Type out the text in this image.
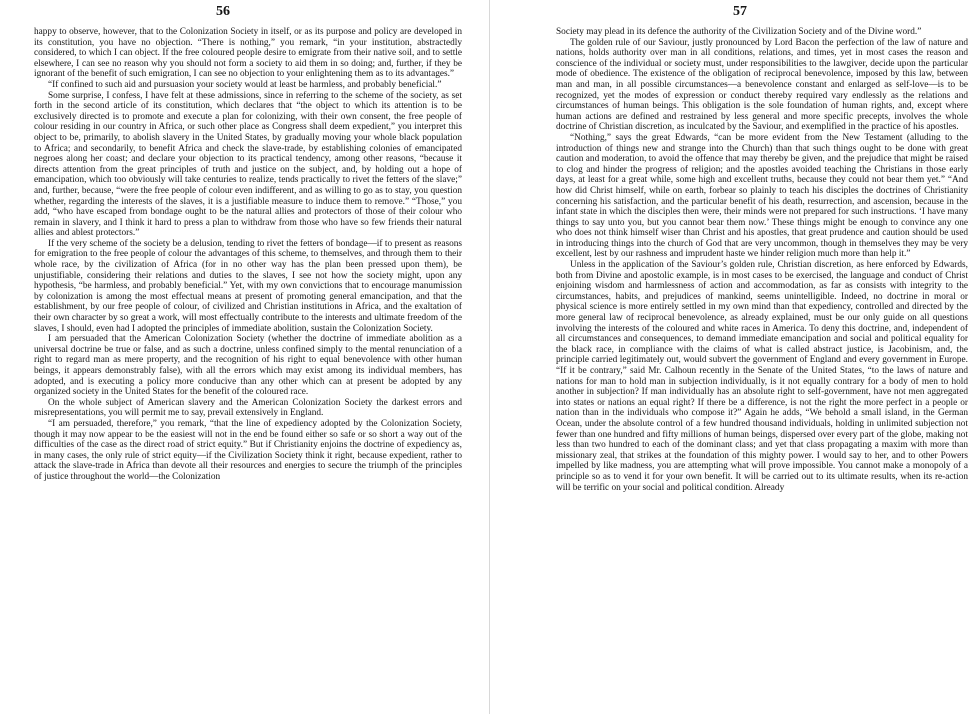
56

happy to observe, however, that to the Colonization Society in itself, or as its purpose and policy are developed in its constitution, you have no objection. “There is nothing,” you remark, “in your institution, abstractedly considered, to which I can object. If the free coloured people desire to emigrate from their native soil, and to settle elsewhere, I can see no reason why you should not form a society to aid them in so doing; and, further, if they be ignorant of the benefit of such emigration, I can see no objection to your enlightening them as to its advantages.”

“If confined to such aid and pursuasion your society would at least be harmless, and probably beneficial.”

Some surprise, I confess, I have felt at these admissions, since in referring to the scheme of the society, as set forth in the second article of its constitution, which declares that “the object to which its attention is to be exclusively directed is to promote and execute a plan for colonizing, with their own consent, the free people of colour residing in our country in Africa, or such other place as Congress shall deem expedient,” you interpret this object to be, primarily, to abolish slavery in the United States, by gradually moving your whole black population to Africa; and secondarily, to benefit Africa and check the slave-trade, by establishing colonies of emancipated negroes along her coast; and declare your objection to its practical tendency, among other reasons, “because it directs attention from the great principles of truth and justice on the subject, and, by holding out a hope of emancipation, which too obviously will take centuries to realize, tends practically to rivet the fetters of the slave;” and, further, because, “were the free people of colour even indifferent, and as willing to go as to stay, you question whether, regarding the interests of the slaves, it is a justifiable measure to induce them to remove.” “Those,” you add, “who have escaped from bondage ought to be the natural allies and protectors of those of their colour who remain in slavery, and I think it hard to press a plan to withdraw from those who have so few friends their natural allies and ablest protectors.”

If the very scheme of the society be a delusion, tending to rivet the fetters of bondage—if to present as reasons for emigration to the free people of colour the advantages of this scheme, to themselves, and through them to their whole race, by the civilization of Africa (for in no other way has the plan been pressed upon them), be unjustifiable, considering their relations and duties to the slaves, I see not how the society might, upon any hypothesis, “be harmless, and probably beneficial.” Yet, with my own convictions that to encourage manumission by colonization is among the most effectual means at present of promoting general emancipation, and that the establishment, by our free people of colour, of civilized and Christian institutions in Africa, and the exaltation of their own character by so great a work, will most effectually contribute to the interests and ultimate freedom of the slaves, I should, even had I adopted the principles of immediate abolition, sustain the Colonization Society.

I am persuaded that the American Colonization Society (whether the doctrine of immediate abolition as a universal doctrine be true or false, and as such a doctrine, unless confined simply to the mental renunciation of a right to regard man as mere property, and the recognition of his right to equal benevolence with other human beings, it appears demonstrably false), with all the errors which may exist among its individual members, has adopted, and is executing a policy more conducive than any other which can at present be adopted by any organized society in the United States for the benefit of the coloured race.

On the whole subject of American slavery and the American Colonization Society the darkest errors and misrepresentations, you will permit me to say, prevail extensively in England.

“I am persuaded, therefore,” you remark, “that the line of expediency adopted by the Colonization Society, though it may now appear to be the easiest will not in the end be found either so safe or so short a way out of the difficulties of the case as the direct road of strict equity.” But if Christianity enjoins the doctrine of expediency as, in many cases, the only rule of strict equity—if the Civilization Society think it right, because expedient, rather to attack the slave-trade in Africa than devote all their resources and energies to secure the triumph of the principles of justice throughout the world—the Colonization

57

Society may plead in its defence the authority of the Civilization Society and of the Divine word.”

The golden rule of our Saviour, justly pronounced by Lord Bacon the perfection of the law of nature and nations, holds authority over man in all conditions, relations, and times, yet in most cases the reason and conscience of the individual or society must, under responsibilities to the lawgiver, decide upon the particular mode of obedience. The existence of the obligation of reciprocal benevolence, imposed by this law, between man and man, in all possible circumstances—a benevolence constant and enlarged as self-love—is to be recognized, yet the modes of expression or conduct thereby required vary endlessly as the relations and circumstances of human beings. This obligation is the sole foundation of human rights, and, except where human actions are defined and restrained by less general and more specific precepts, involves the whole doctrine of Christian discretion, as inculcated by the Saviour, and exemplified in the practice of his apostles.

“Nothing,” says the great Edwards, “can be more evident from the New Testament (alluding to the introduction of things new and strange into the Church) than that such things ought to be done with great caution and moderation, to avoid the offence that may thereby be given, and the prejudice that might be raised to clog and hinder the progress of religion; and the apostles avoided teaching the Christians in those early days, at least for a great while, some high and excellent truths, because they could not bear them yet.” “And how did Christ himself, while on earth, forbear so plainly to teach his disciples the doctrines of Christianity concerning his satisfaction, and the particular benefit of his death, resurrection, and ascension, because in the infant state in which the disciples then were, their minds were not prepared for such instructions. ‘I have many things to say unto you, but you cannot bear them now.’ These things might be enough to convince any one who does not think himself wiser than Christ and his apostles, that great prudence and caution should be used in introducing things into the church of God that are very uncommon, though in themselves they may be very excellent, lest by our rashness and imprudent haste we hinder religion much more than help it.”

Unless in the application of the Saviour’s golden rule, Christian discretion, as here enforced by Edwards, both from Divine and apostolic example, is in most cases to be exercised, the language and conduct of Christ enjoining wisdom and harmlessness of action and accommodation, as far as consists with integrity to the circumstances, habits, and prejudices of mankind, seems unintelligible. Indeed, no doctrine in moral or physical science is more entirely settled in my own mind than that expediency, controlled and directed by the more general law of reciprocal benevolence, as already explained, must be our only guide on all questions involving the interests of the coloured and white races in America. To deny this doctrine, and, independent of all circumstances and consequences, to demand immediate emancipation and social and political equality for the black race, in compliance with the claims of what is called abstract justice, is Jacobinism, and, the principle carried legitimately out, would subvert the government of England and every government in Europe. “If it be contrary,” said Mr. Calhoun recently in the Senate of the United States, “to the laws of nature and nations for man to hold man in subjection individually, is it not equally contrary for a body of men to hold another in subjection? If man individually has an absolute right to self-government, have not men aggregated into states or nations an equal right? If there be a difference, is not the right the more perfect in a people or nation than in the individuals who compose it?” Again he adds, “We behold a small island, in the German Ocean, under the absolute control of a few hundred thousand individuals, holding in unlimited subjection not fewer than one hundred and fifty millions of human beings, dispersed over every part of the globe, making not less than two hundred to each of the dominant class; and yet that class propagating a maxim with more than missionary zeal, that strikes at the foundation of this mighty power. I would say to her, and to other Powers impelled by like madness, you are attempting what will prove impossible. You cannot make a monopoly of a principle so as to vend it for your own benefit. It will be carried out to its ultimate results, when its re-action will be terrific on your social and political condition. Already
